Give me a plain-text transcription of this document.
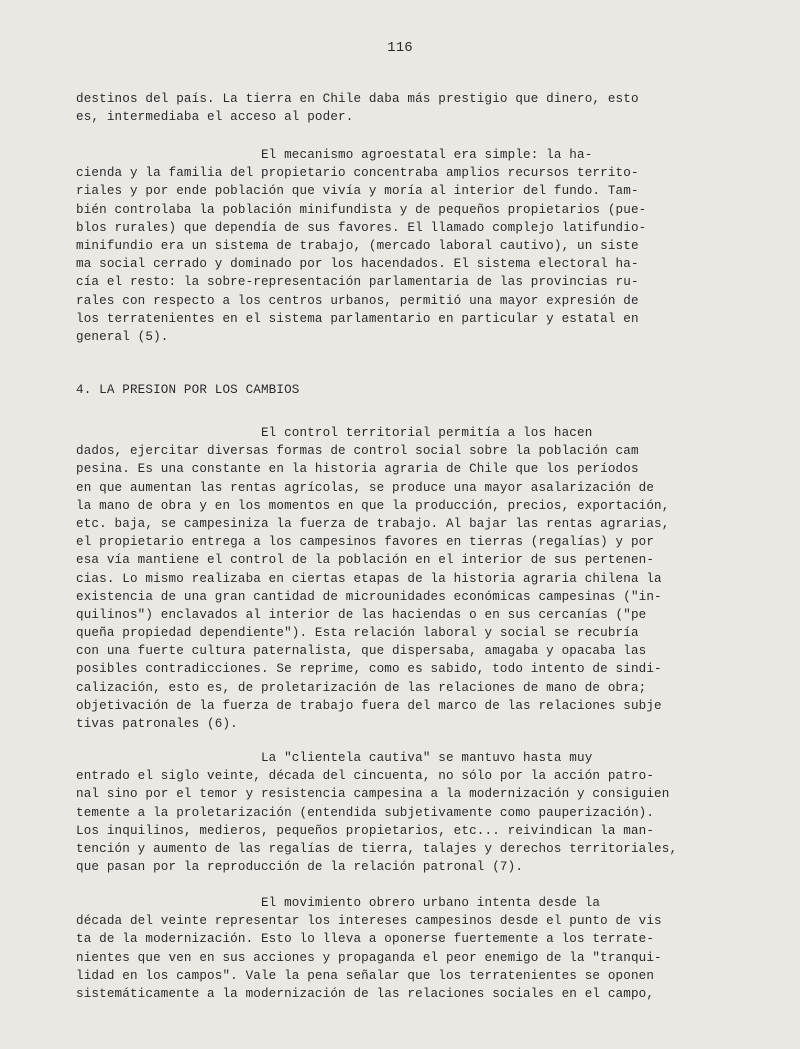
116
destinos del país. La tierra en Chile daba más prestigio que dinero, esto
es, intermediaba el acceso al poder.
El mecanismo agroestatal era simple: la ha-
cienda y la familia del propietario concentraba amplios recursos territo-
riales y por ende población que vivía y moría al interior del fundo. Tam-
bién controlaba la población minifundista y de pequeños propietarios (pue-
blos rurales) que dependía de sus favores. El llamado complejo latifundio-
minifundio era un sistema de trabajo, (mercado laboral cautivo), un siste
ma social cerrado y dominado por los hacendados. El sistema electoral ha-
cía el resto: la sobre-representación parlamentaria de las provincias ru-
rales con respecto a los centros urbanos, permitió una mayor expresión de
los terratenientes en el sistema parlamentario en particular y estatal en
general (5).
4. LA PRESION POR LOS CAMBIOS
El control territorial permitía a los hacen
dados, ejercitar diversas formas de control social sobre la población cam
pesina. Es una constante en la historia agraria de Chile que los períodos
en que aumentan las rentas agrícolas, se produce una mayor asalarización de
la mano de obra y en los momentos en que la producción, precios, exportación,
etc. baja, se campesiniza la fuerza de trabajo. Al bajar las rentas agrarias,
el propietario entrega a los campesinos favores en tierras (regalías) y por
esa vía mantiene el control de la población en el interior de sus pertenen-
cias. Lo mismo realizaba en ciertas etapas de la historia agraria chilena la
existencia de una gran cantidad de microunidades económicas campesinas ("in-
quilinos") enclavados al interior de las haciendas o en sus cercanías ("pe
queña propiedad dependiente"). Esta relación laboral y social se recubría
con una fuerte cultura paternalista, que dispersaba, amagaba y opacaba las
posibles contradicciones. Se reprime, como es sabido, todo intento de sindi-
calización, esto es, de proletarización de las relaciones de mano de obra;
objetivación de la fuerza de trabajo fuera del marco de las relaciones subje
tivas patronales (6).
La "clientela cautiva" se mantuvo hasta muy
entrado el siglo veinte, década del cincuenta, no sólo por la acción patro-
nal sino por el temor y resistencia campesina a la modernización y consiguien
temente a la proletarización (entendida subjetivamente como pauperización).
Los inquilinos, medieros, pequeños propietarios, etc... reivindican la man-
tención y aumento de las regalías de tierra, talajes y derechos territoriales,
que pasan por la reproducción de la relación patronal (7).
El movimiento obrero urbano intenta desde la
década del veinte representar los intereses campesinos desde el punto de vis
ta de la modernización. Esto lo lleva a oponerse fuertemente a los terrate-
nientes que ven en sus acciones y propaganda el peor enemigo de la "tranqui-
lidad en los campos". Vale la pena señalar que los terratenientes se oponen
sistemáticamente a la modernización de las relaciones sociales en el campo,
